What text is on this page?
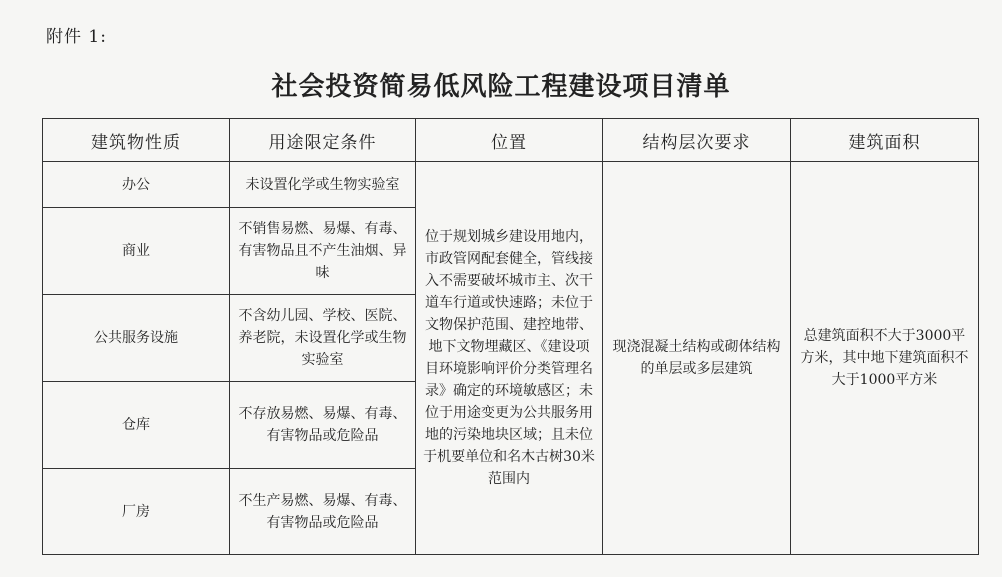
附件 1:
社会投资简易低风险工程建设项目清单
建筑物性质	用途限定条件	位置	结构层次要求	建筑面积
办公	未设置化学或生物实验室	位于规划城乡建设用地内，市政管网配套健全，管线接入不需要破坏城市主、次干道车行道或快速路；未位于文物保护范围、建控地带、地下文物埋藏区、《建设项目环境影响评价分类管理名录》确定的环境敏感区；未位于用途变更为公共服务用地的污染地块区域；且未位于机要单位和名木古树30米范围内	现浇混凝土结构或砌体结构的单层或多层建筑	总建筑面积不大于3000平方米，其中地下建筑面积不大于1000平方米
商业	不销售易燃、易爆、有毒、有害物品且不产生油烟、异味			
公共服务设施	不含幼儿园、学校、医院、养老院，未设置化学或生物实验室			
仓库	不存放易燃、易爆、有毒、有害物品或危险品			
厂房	不生产易燃、易爆、有毒、有害物品或危险品			
